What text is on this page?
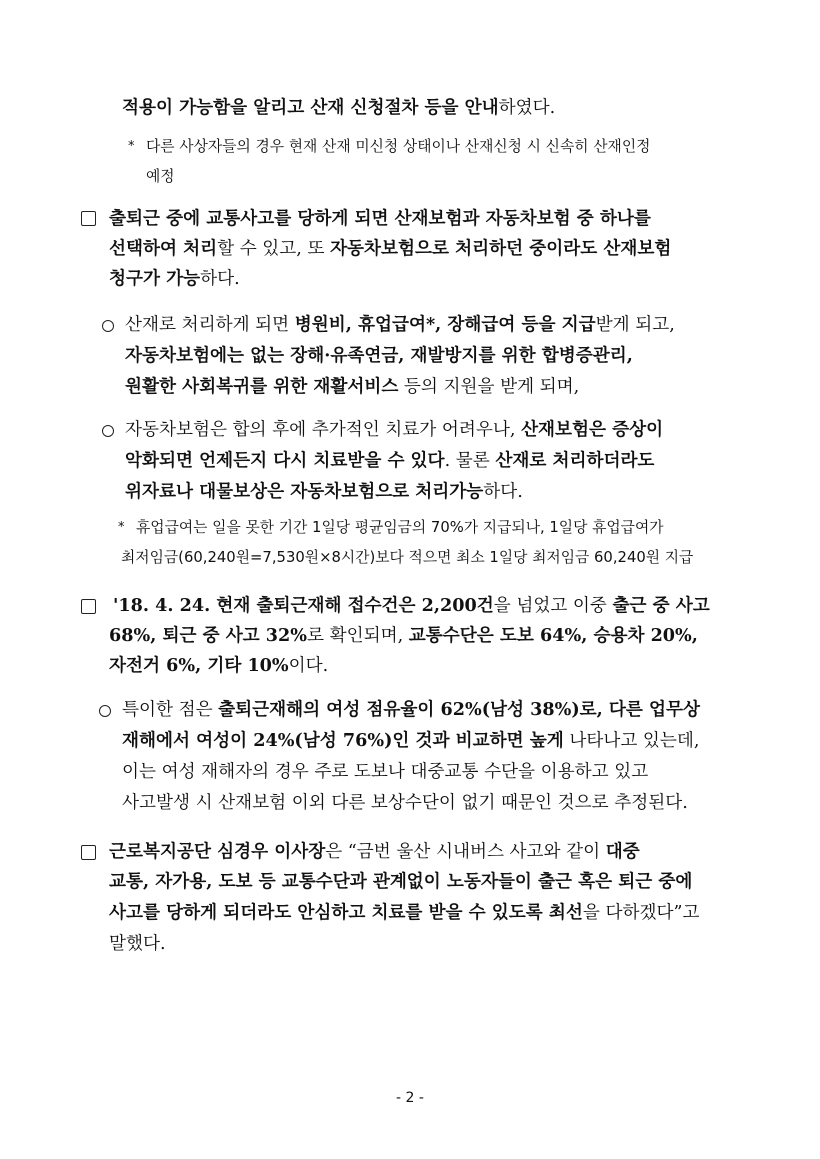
적용이 가능함을 알리고 산재 신청절차 등을 안내하였다.
* 다른 사상자들의 경우 현재 산재 미신청 상태이나 산재신청 시 신속히 산재인정
예정
출퇴근 중에 교통사고를 당하게 되면 산재보험과 자동차보험 중 하나를
선택하여 처리할 수 있고, 또 자동차보험으로 처리하던 중이라도 산재보험
청구가 가능하다.
산재로 처리하게 되면 병원비, 휴업급여*, 장해급여 등을 지급받게 되고,
자동차보험에는 없는 장해·유족연금, 재발방지를 위한 합병증관리,
원활한 사회복귀를 위한 재활서비스 등의 지원을 받게 되며,
자동차보험은 합의 후에 추가적인 치료가 어려우나, 산재보험은 증상이
악화되면 언제든지 다시 치료받을 수 있다. 물론 산재로 처리하더라도
위자료나 대물보상은 자동차보험으로 처리가능하다.
* 휴업급여는 일을 못한 기간 1일당 평균임금의 70%가 지급되나, 1일당 휴업급여가
최저임금(60,240원=7,530원×8시간)보다 적으면 최소 1일당 최저임금 60,240원 지급
'18. 4. 24. 현재 출퇴근재해 접수건은 2,200건을 넘었고 이중 출근 중 사고
68%, 퇴근 중 사고 32%로 확인되며, 교통수단은 도보 64%, 승용차 20%,
자전거 6%, 기타 10%이다.
특이한 점은 출퇴근재해의 여성 점유율이 62%(남성 38%)로, 다른 업무상
재해에서 여성이 24%(남성 76%)인 것과 비교하면 높게 나타나고 있는데,
이는 여성 재해자의 경우 주로 도보나 대중교통 수단을 이용하고 있고
사고발생 시 산재보험 이외 다른 보상수단이 없기 때문인 것으로 추정된다.
근로복지공단 심경우 이사장은 “금번 울산 시내버스 사고와 같이 대중
교통, 자가용, 도보 등 교통수단과 관계없이 노동자들이 출근 혹은 퇴근 중에
사고를 당하게 되더라도 안심하고 치료를 받을 수 있도록 최선을 다하겠다”고
말했다.
- 2 -
